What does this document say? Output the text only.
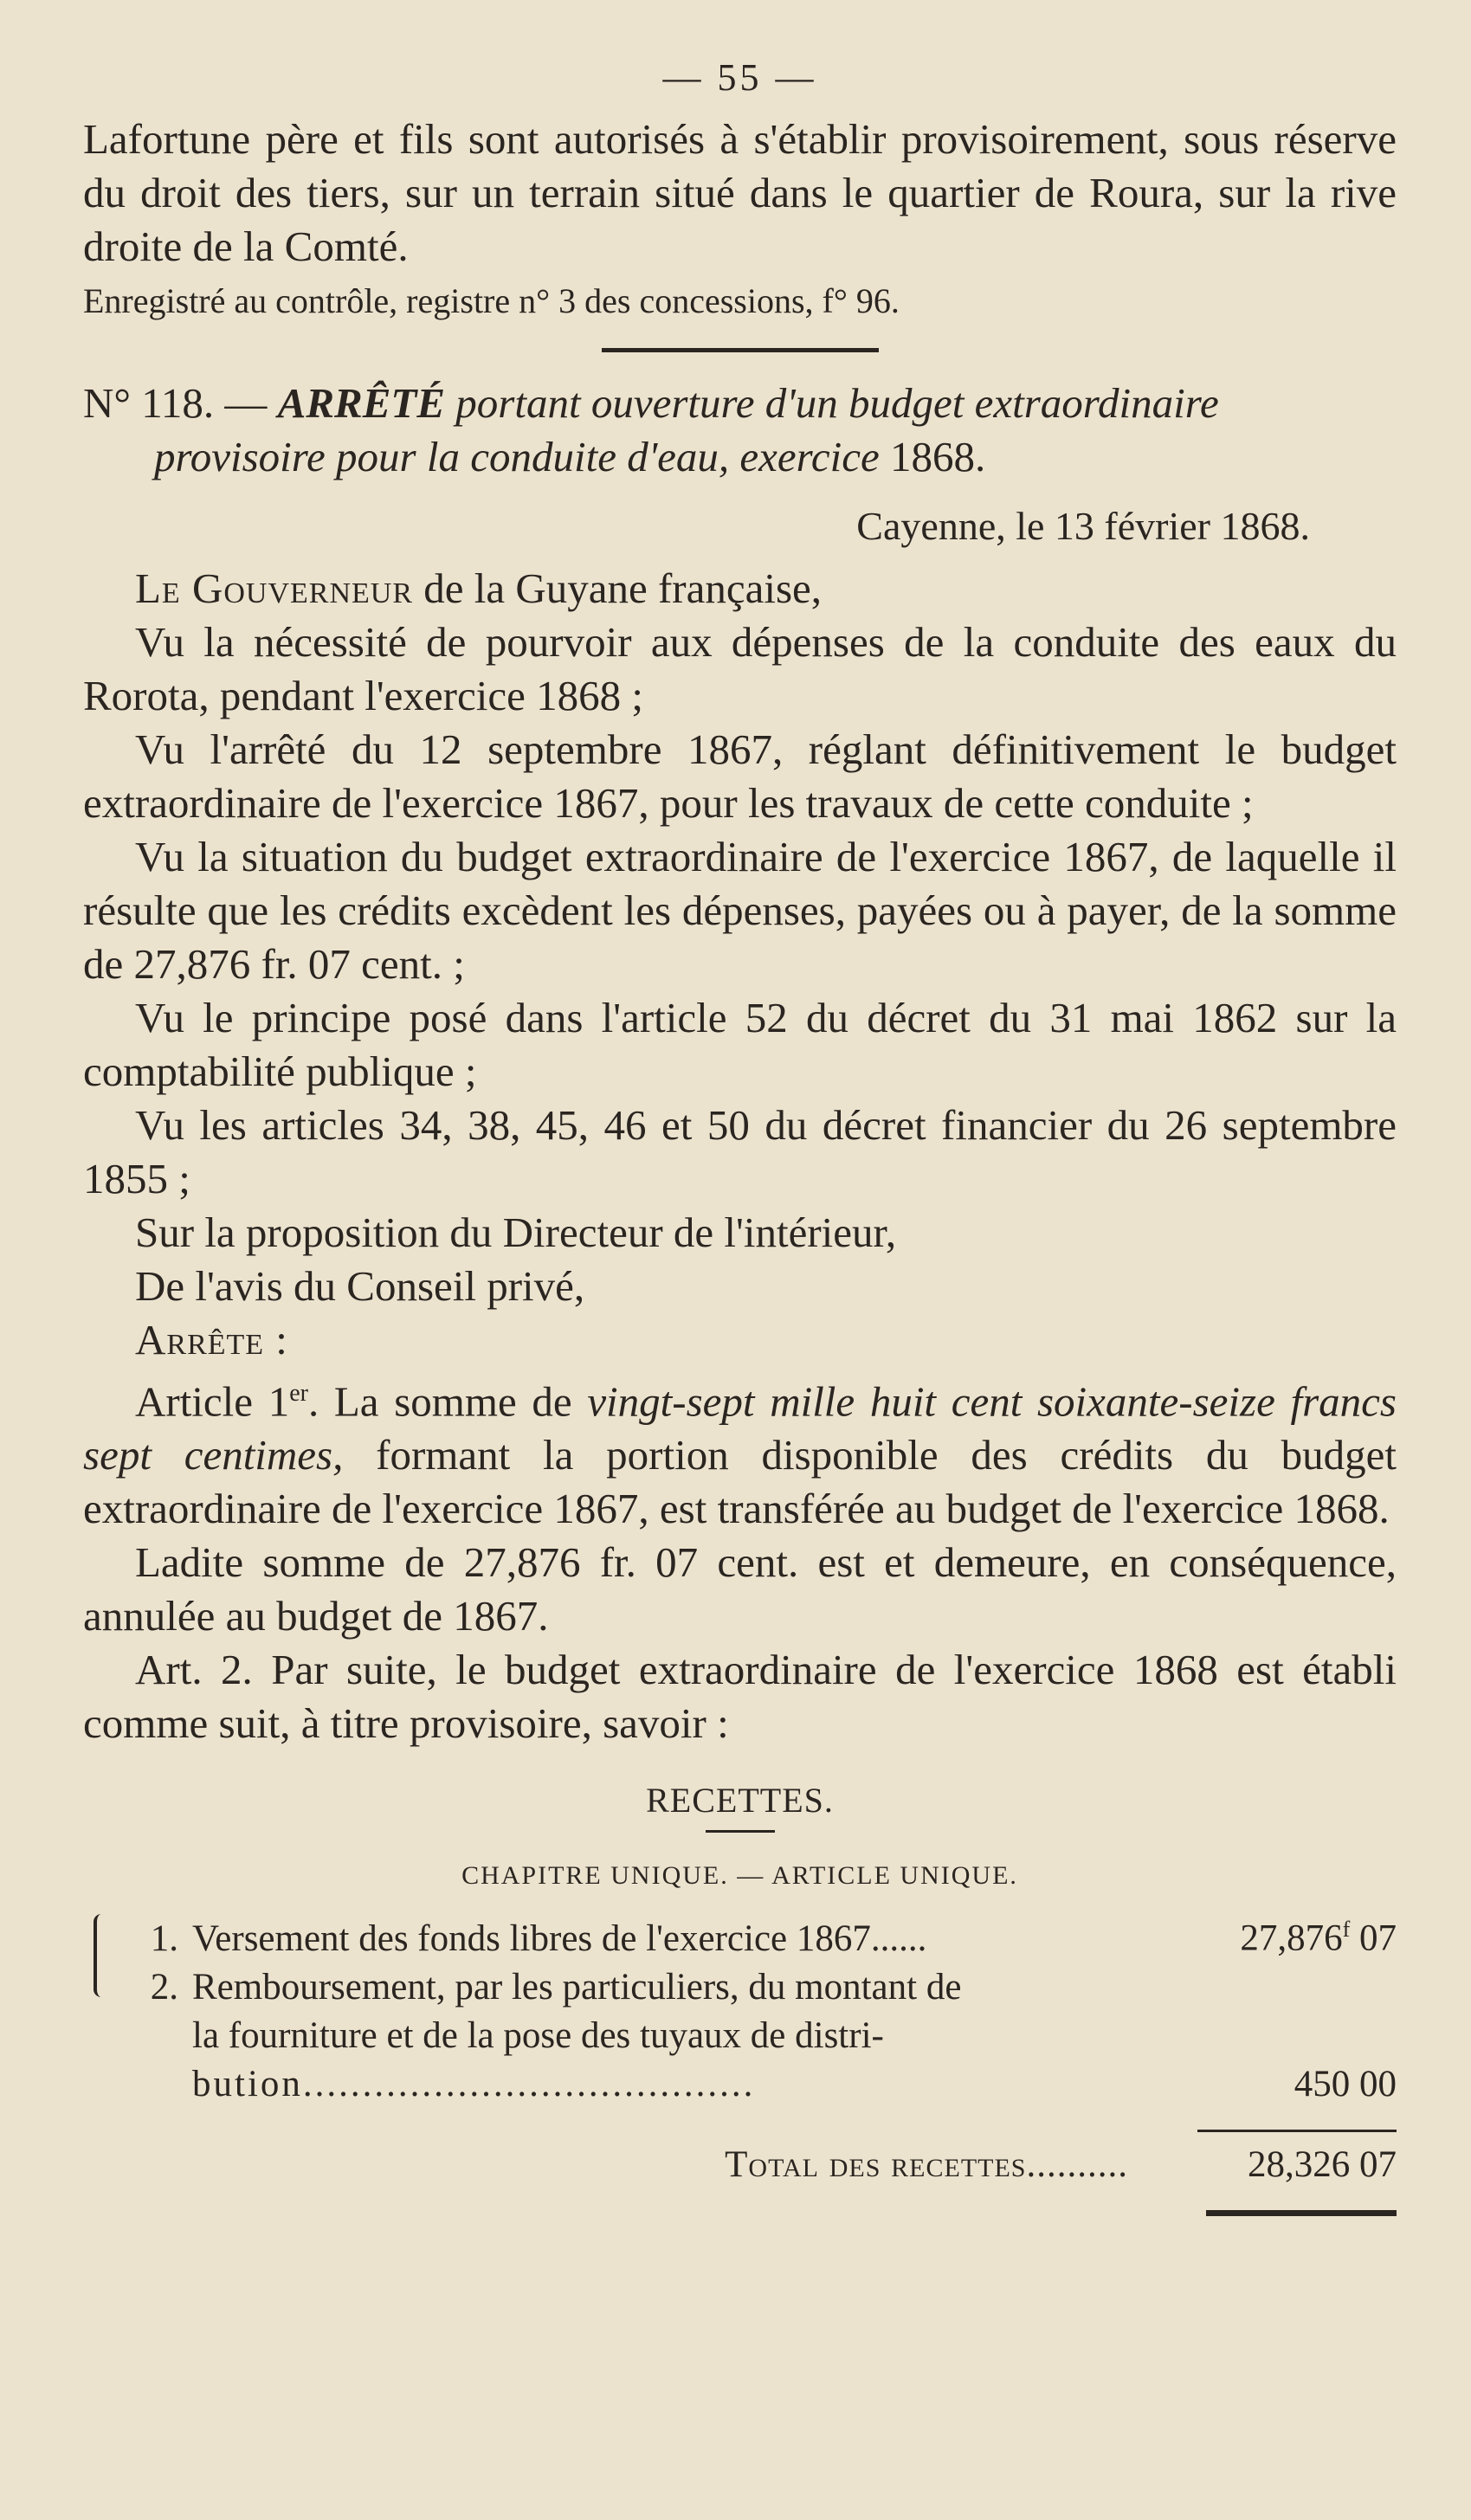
— 55 —

Lafortune père et fils sont autorisés à s'établir provisoirement, sous réserve du droit des tiers, sur un terrain situé dans le quartier de Roura, sur la rive droite de la Comté.

Enregistré au contrôle, registre n° 3 des concessions, f° 96.

N° 118. — ARRÊTÉ portant ouverture d'un budget extraordinaire provisoire pour la conduite d'eau, exercice 1868.

Cayenne, le 13 février 1868.

Le Gouverneur de la Guyane française,

Vu la nécessité de pourvoir aux dépenses de la conduite des eaux du Rorota, pendant l'exercice 1868 ;

Vu l'arrêté du 12 septembre 1867, réglant définitivement le budget extraordinaire de l'exercice 1867, pour les travaux de cette conduite ;

Vu la situation du budget extraordinaire de l'exercice 1867, de laquelle il résulte que les crédits excèdent les dépenses, payées ou à payer, de la somme de 27,876 fr. 07 cent. ;

Vu le principe posé dans l'article 52 du décret du 31 mai 1862 sur la comptabilité publique ;

Vu les articles 34, 38, 45, 46 et 50 du décret financier du 26 septembre 1855 ;

Sur la proposition du Directeur de l'intérieur,

De l'avis du Conseil privé,

Arrête :

Article 1er. La somme de vingt-sept mille huit cent soixante-seize francs sept centimes, formant la portion disponible des crédits du budget extraordinaire de l'exercice 1867, est transférée au budget de l'exercice 1868.

Ladite somme de 27,876 fr. 07 cent. est et demeure, en conséquence, annulée au budget de 1867.

Art. 2. Par suite, le budget extraordinaire de l'exercice 1868 est établi comme suit, à titre provisoire, savoir :

RECETTES.
CHAPITRE UNIQUE. — ARTICLE UNIQUE.
1. Versement des fonds libres de l'exercice 1867......	27,876$^f$ 07
2. Remboursement, par les particuliers, du montant de
la fourniture et de la pose des tuyaux de distri-
bution......................................	450 00
Total des recettes..........	28,326 07
